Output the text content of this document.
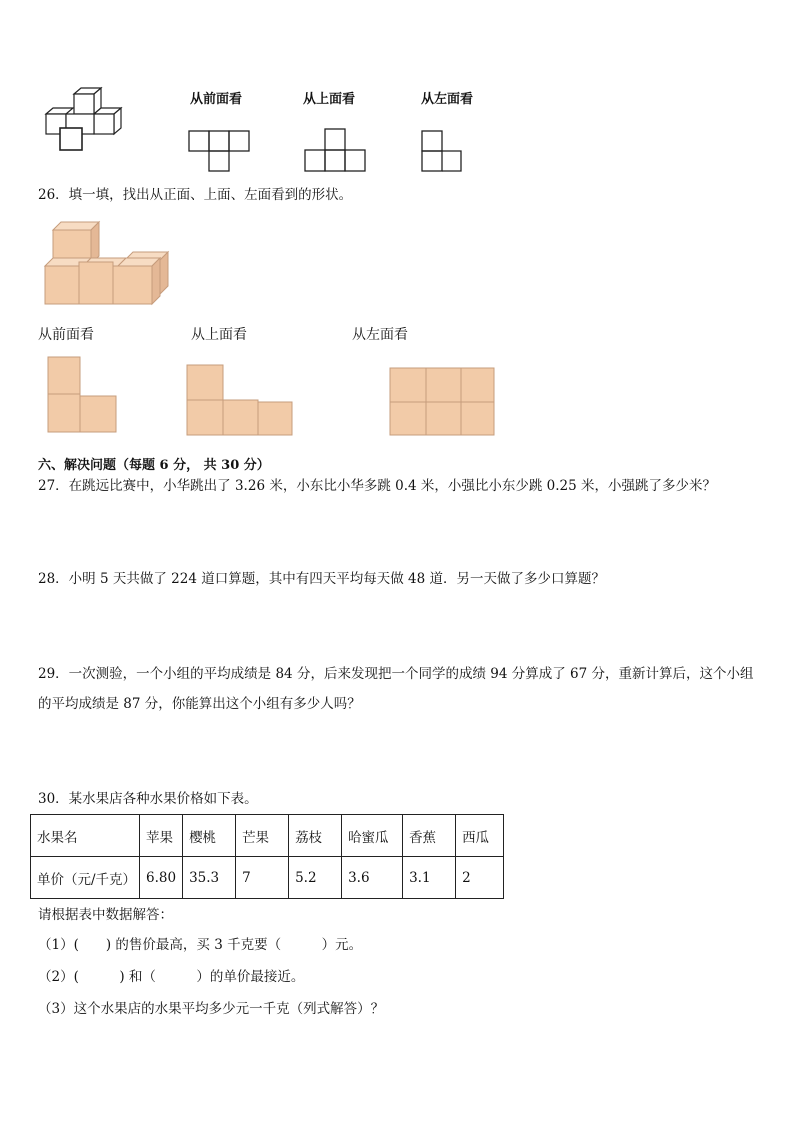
从前面看	从上面看	从左面看
26．填一填，找出从正面、上面、左面看到的形状。
从前面看	从上面看	从左面看
六、解决问题（每题 6 分， 共 30 分）
27．在跳远比赛中，小华跳出了 3.26 米，小东比小华多跳 0.4 米，小强比小东少跳 0.25 米，小强跳了多少米？
28．小明 5 天共做了 224 道口算题，其中有四天平均每天做 48 道．另一天做了多少口算题？
29．一次测验，一个小组的平均成绩是 84 分，后来发现把一个同学的成绩 94 分算成了 67 分，重新计算后，这个小组
的平均成绩是 87 分，你能算出这个小组有多少人吗？
30．某水果店各种水果价格如下表。
水果名	苹果	樱桃	芒果	荔枝	哈蜜瓜	香蕉	西瓜
单价（元/千克）	6.80	35.3	7	5.2	3.6	3.1	2
请根据表中数据解答：
（1）(　　) 的售价最高，买 3 千克要（　　　）元。
（2）(　　　) 和（　　　）的单价最接近。
（3）这个水果店的水果平均多少元一千克（列式解答）？
